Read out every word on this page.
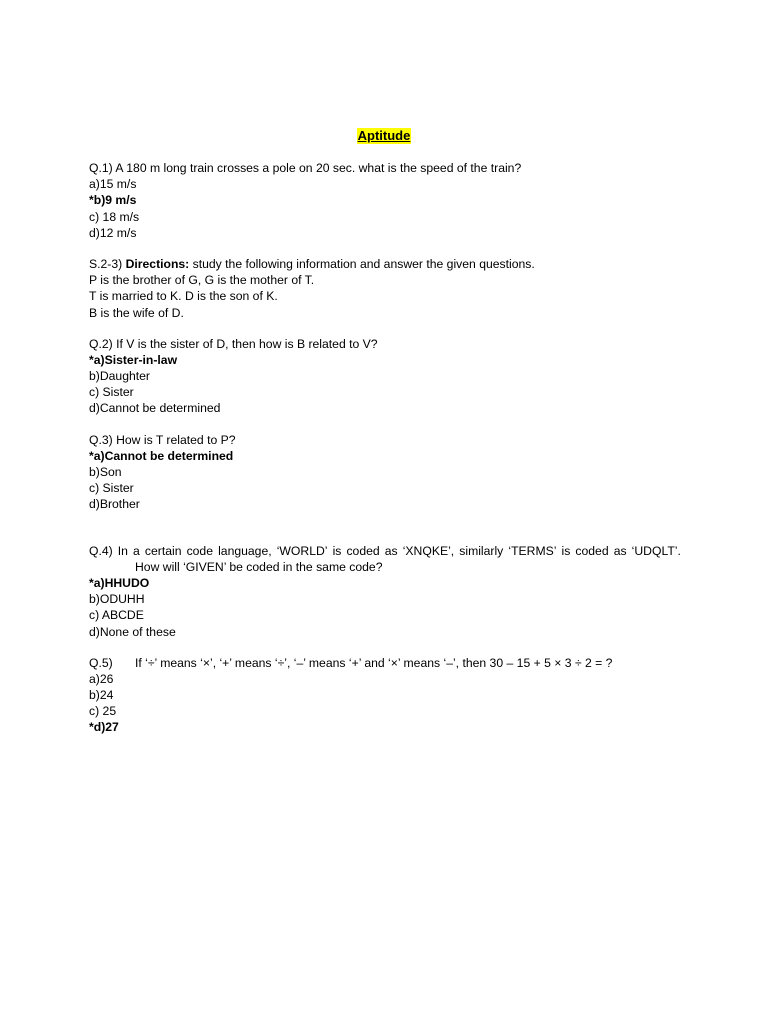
Aptitude
Q.1) A 180 m long train crosses a pole on 20 sec. what is the speed of the train?
a)15 m/s
*b)9 m/s
c) 18 m/s
d)12 m/s
S.2-3) Directions: study the following information and answer the given questions.
P is the brother of G, G is the mother of T.
T is married to K. D is the son of K.
B is the wife of D.
Q.2) If V is the sister of D, then how is B related to V?
*a)Sister-in-law
b)Daughter
c) Sister
d)Cannot be determined
Q.3) How is T related to P?
*a)Cannot be determined
b)Son
c) Sister
d)Brother
Q.4) In a certain code language, ‘WORLD’ is coded as ‘XNQKE’, similarly ‘TERMS’ is coded as ‘UDQLT’.
How will ‘GIVEN’ be coded in the same code?
*a)HHUDO
b)ODUHH
c) ABCDE
d)None of these
Q.5) If ‘÷’ means ‘×’, ‘+’ means ‘÷’, ‘–’ means ‘+’ and ‘×’ means ‘–’, then 30 – 15 + 5 × 3 ÷ 2 = ?
a)26
b)24
c) 25
*d)27
